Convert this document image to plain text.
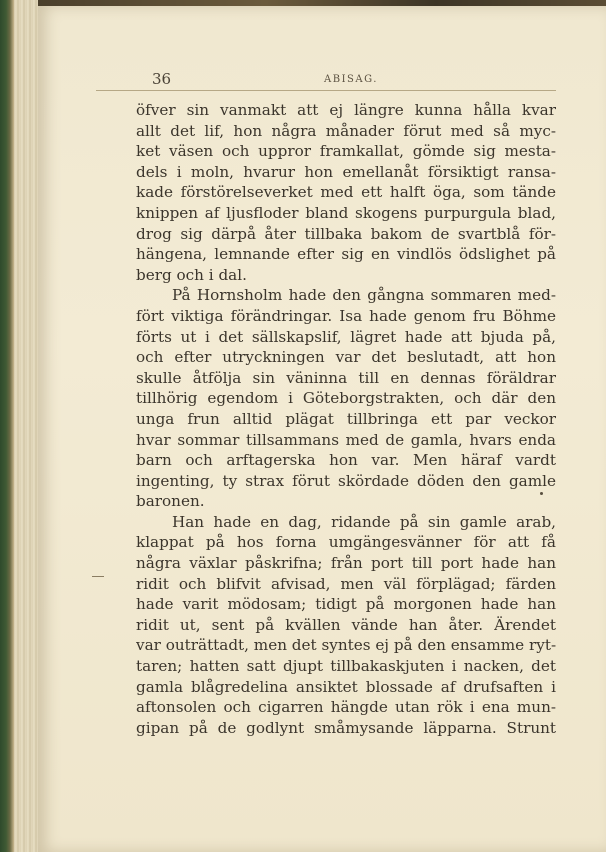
36	ABISAG.
öfver sin vanmakt att ej längre kunna hålla kvar
allt det lif, hon några månader förut med så myc-
ket väsen och uppror framkallat, gömde sig mesta-
dels i moln, hvarur hon emellanåt försiktigt ransa-
kade förstörelseverket med ett halft öga, som tände
knippen af ljusfloder bland skogens purpurgula blad,
drog sig därpå åter tillbaka bakom de svartblå för-
hängena, lemnande efter sig en vindlös ödslighet på
berg och i dal.
På Hornsholm hade den gångna sommaren med-
fört viktiga förändringar. Isa hade genom fru Böhme
förts ut i det sällskapslif, lägret hade att bjuda på,
och efter utryckningen var det beslutadt, att hon
skulle åtfölja sin väninna till en dennas föräldrar
tillhörig egendom i Göteborgstrakten, och där den
unga frun alltid plägat tillbringa ett par veckor
hvar sommar tillsammans med de gamla, hvars enda
barn och arftagerska hon var. Men häraf vardt
ingenting, ty strax förut skördade döden den gamle
baronen.
Han hade en dag, ridande på sin gamle arab,
klappat på hos forna umgängesvänner för att få
några växlar påskrifna; från port till port hade han
ridit och blifvit afvisad, men väl förplägad; färden
hade varit mödosam; tidigt på morgonen hade han
ridit ut, sent på kvällen vände han åter. Ärendet
var outrättadt, men det syntes ej på den ensamme ryt-
taren; hatten satt djupt tillbakaskjuten i nacken, det
gamla blågredelina ansiktet blossade af drufsaften i
aftonsolen och cigarren hängde utan rök i ena mun-
gipan på de godlynt småmysande läpparna. Strunt
